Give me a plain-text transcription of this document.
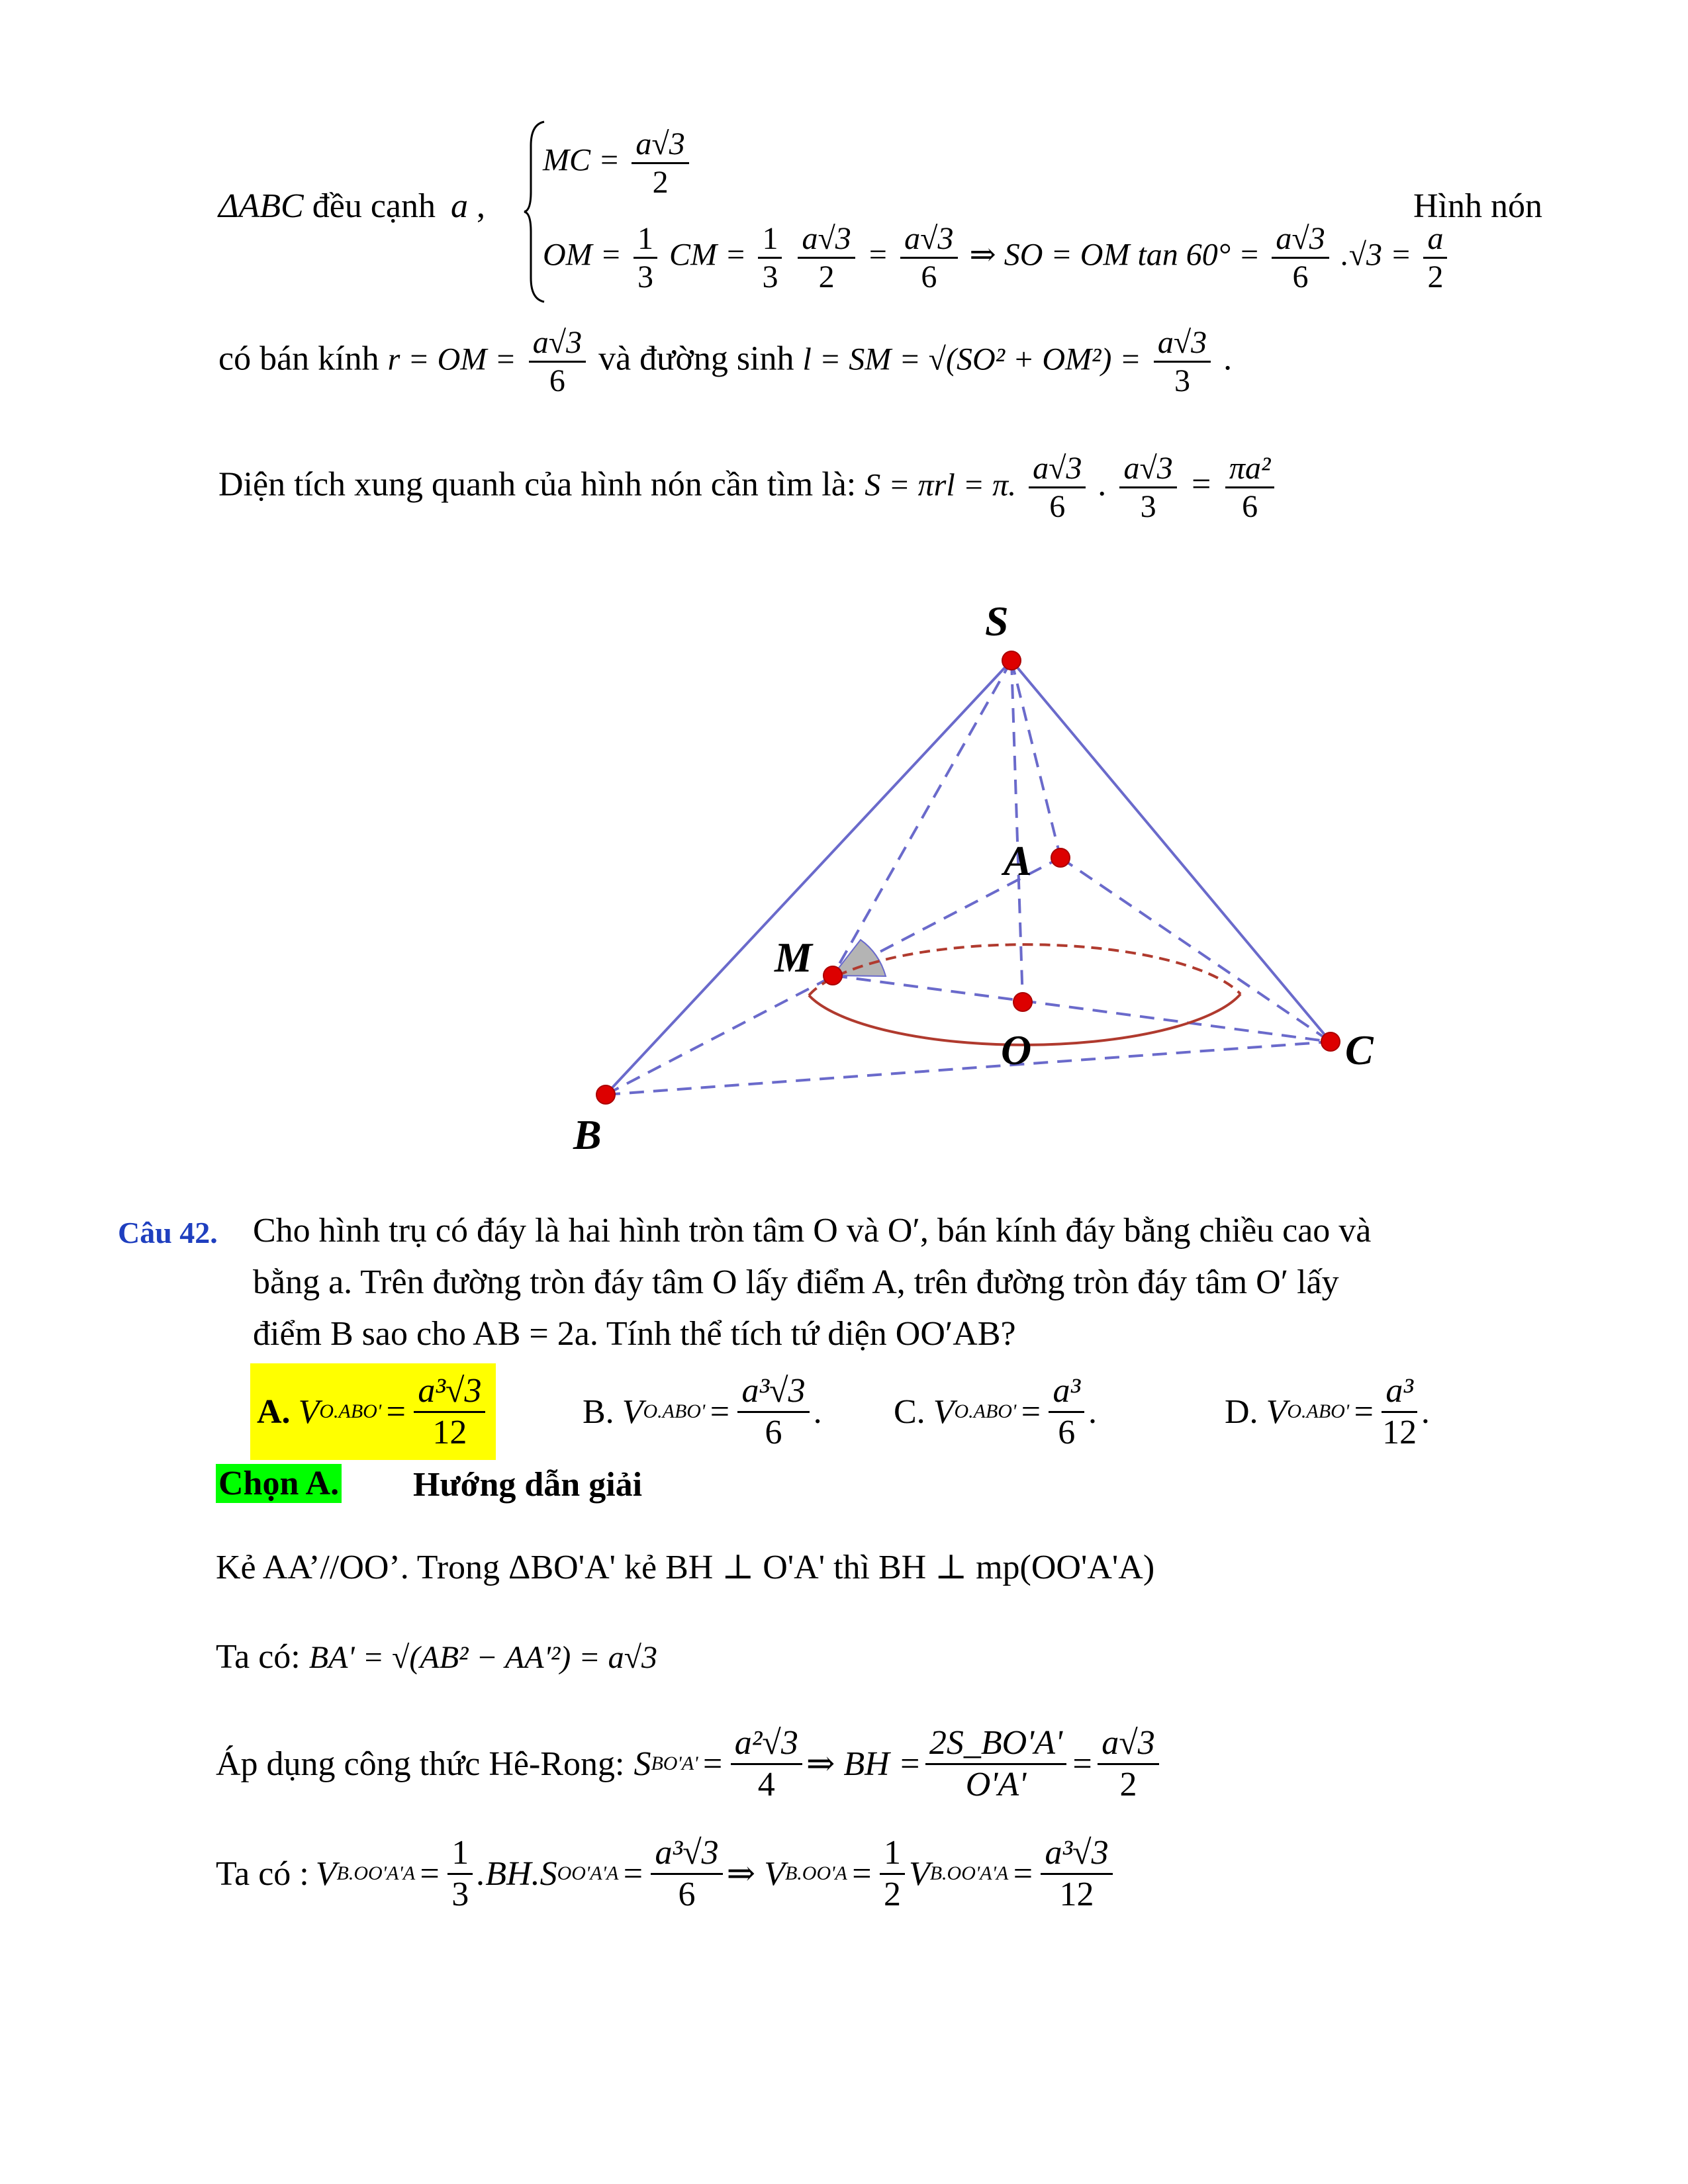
ΔABC đều cạnh a ,
MC = $\frac{a√3}{2}$
OM = $\frac{1}{3}$ CM = $\frac{1}{3}$
$\frac{a√3}{2} = \frac{a√3}{6}$ ⇒ SO = OM $\tan 60^\circ = \frac{a√3}{6} .√3 = \frac{a}{2}$
Hình nón
có bán kính r = OM = $\frac{a√3}{6}$ và đường sinh l = SM = $√(SO^2 + OM^2) = \frac{a√3}{3}$ .
Diện tích xung quanh của hình nón cần tìm là: S = πrl = π. $\frac{a√3}{6}$ . $\frac{a√3}{3} = \frac{\text{πa²}}{6}$
S
A
M
O
B
C
Câu 42. Cho hình trụ có đáy là hai hình tròn tâm O và O′, bán kính đáy bằng chiều cao và
bằng a. Trên đường tròn đáy tâm O lấy điểm A, trên đường tròn đáy tâm O′ lấy
điểm B sao cho AB = 2a. Tính thể tích tứ diện OO′AB?
A. V $O.ABO' = \frac{\text{a³√3}}{12}$	B. V $O.ABO' = \frac{\text{a³√3}}{6}$ . C. V $O.ABO' = \frac{\text{a³}}{6}$ .	D. V $O.ABO' = \frac{\text{a³}}{12}$ .
Chọn A. Hướng dẫn giải
Kẻ AA’//OO’. Trong ΔBO'A' kẻ BH ⊥ O'A' thì BH ⊥ mp(OO'A'A)
Ta có: BA' = √(AB² − AA'²) = a√3
Áp dụng công thức Hê-Rong: S $BO'A' = \frac{\text{a²√3}}{4}$ ⇒ BH = $\frac{2S\_BO'A'}{O'A'} = \frac{a√3}{2}$
Ta có : V $B.OO'A'A = \frac{1}{3} .BH.S$ $OO'A'A = \frac{\text{a³√3}}{6}$ ⇒ V $B.OO'A = \frac{1}{2}$ V $B.OO'A'A = \frac{\text{a³√3}}{12}$
